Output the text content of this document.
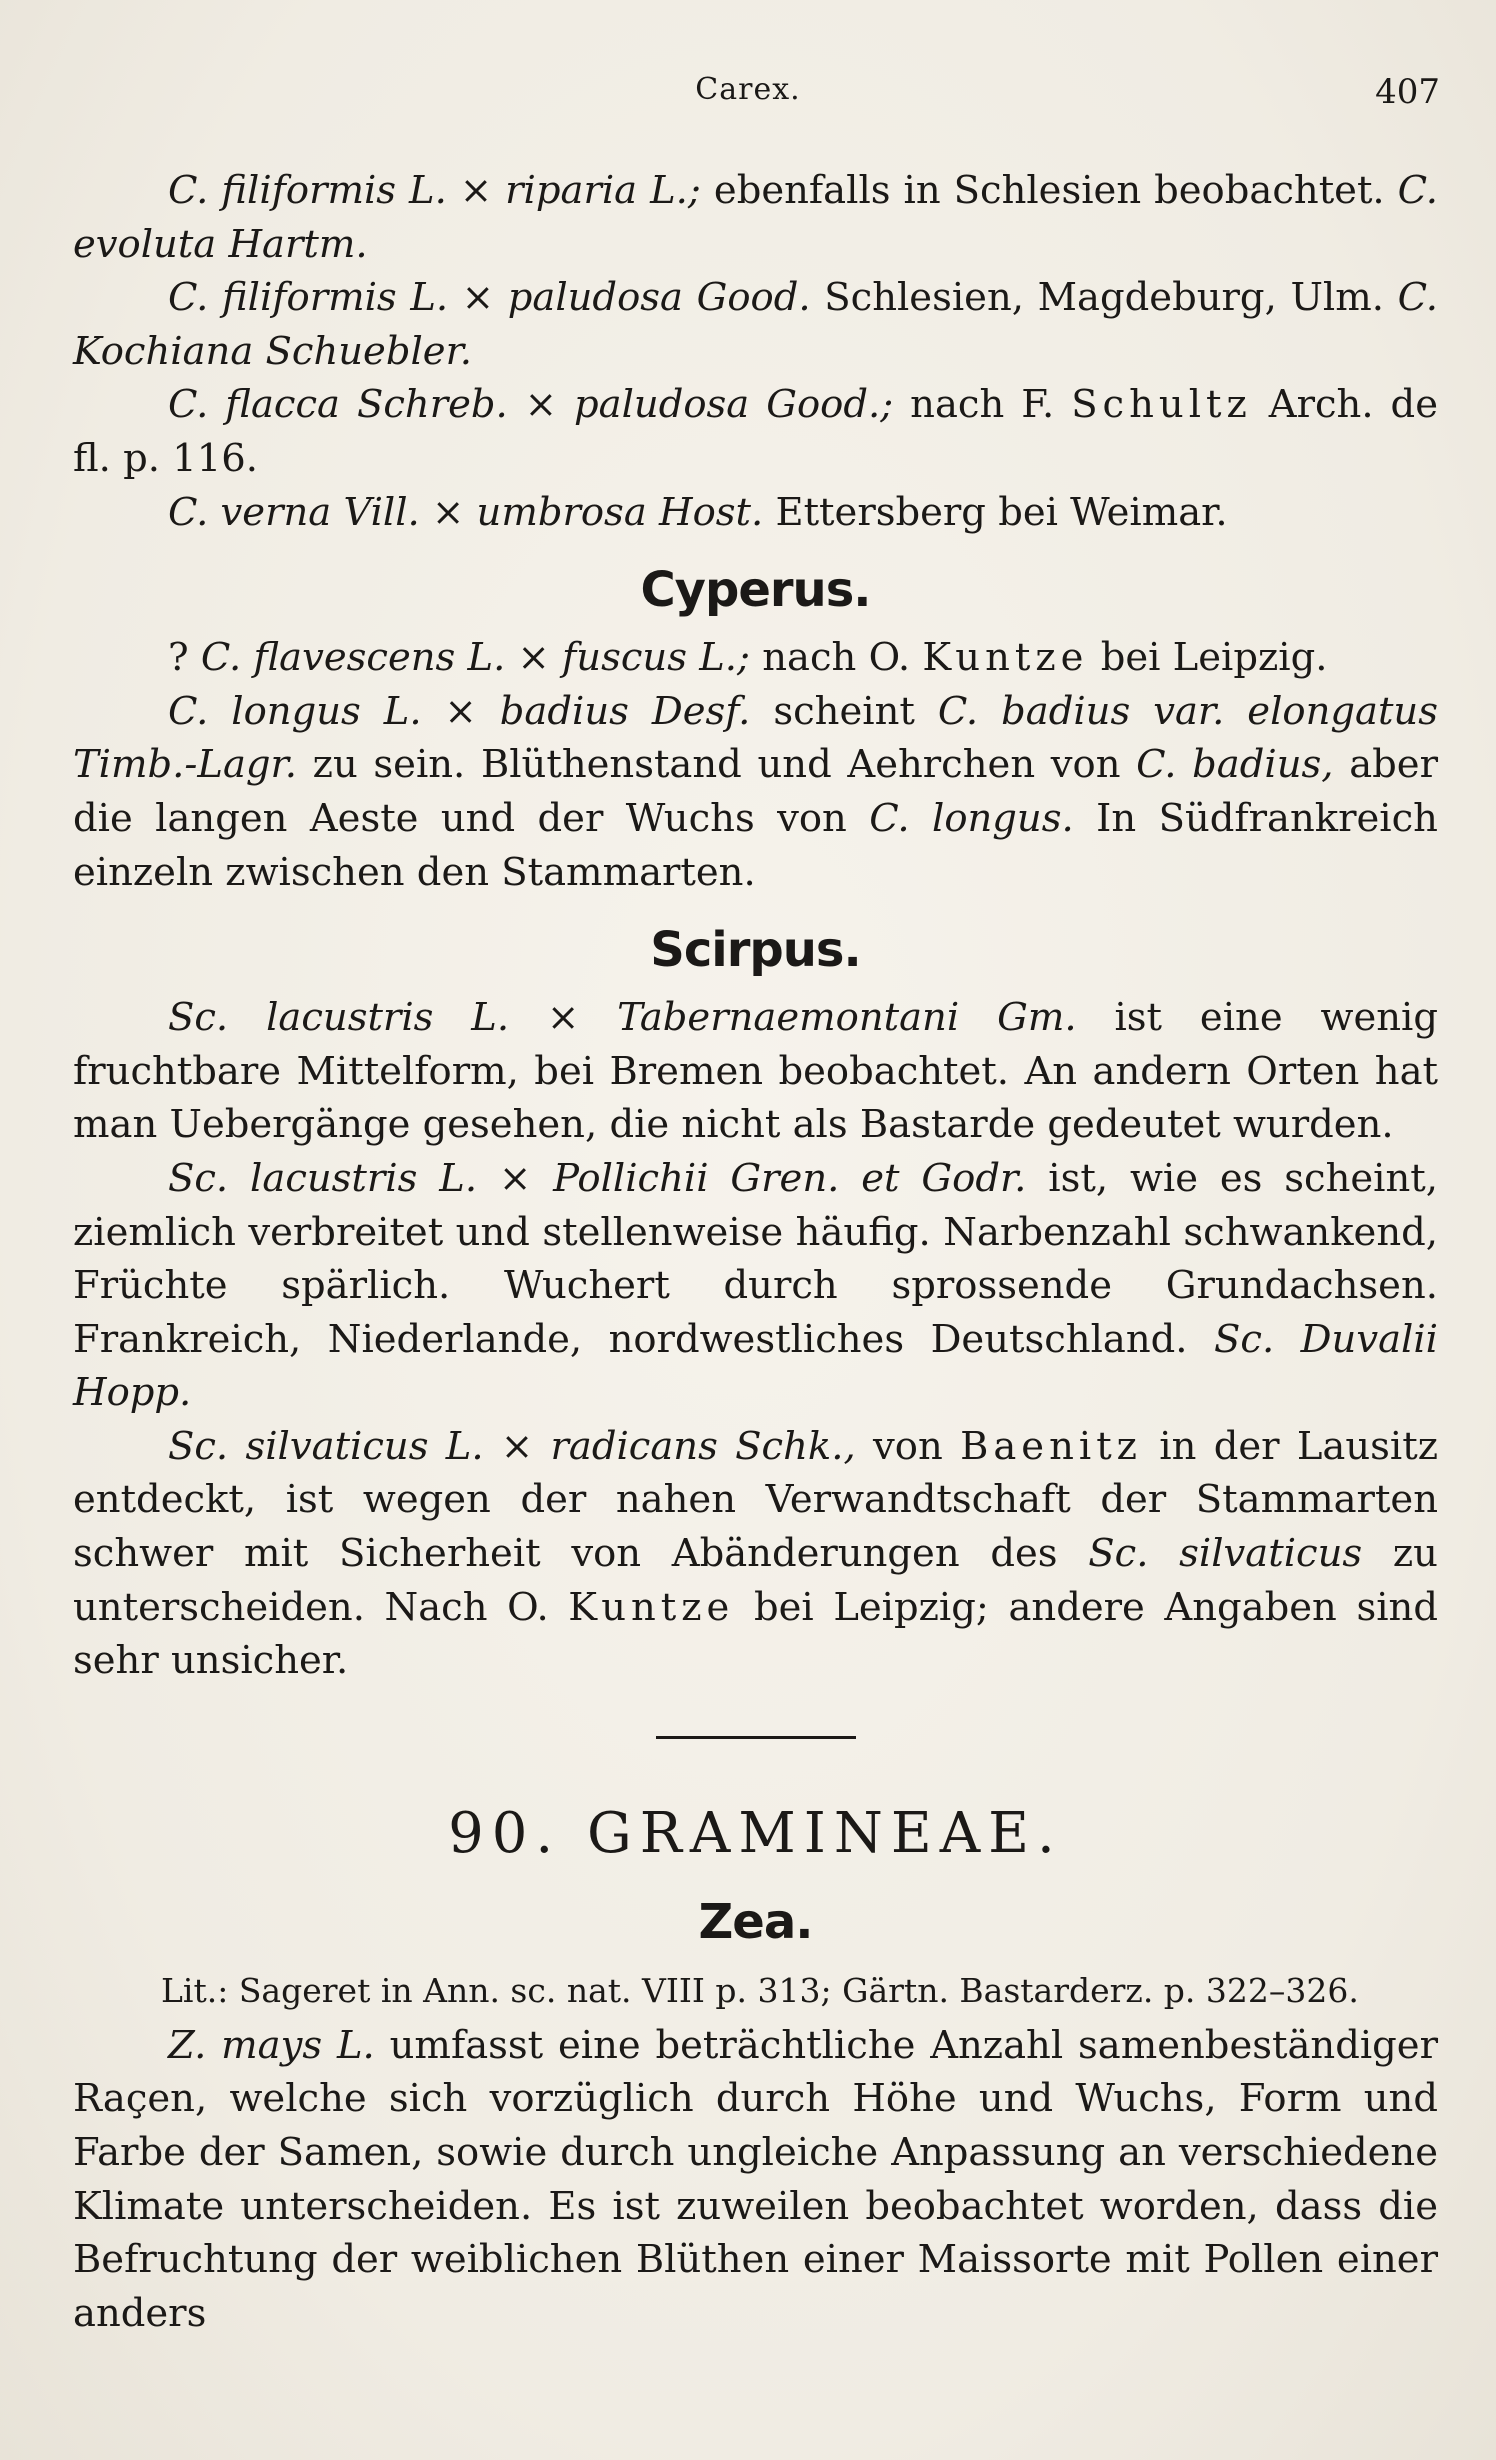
Carex.	407

C. filiformis L. × riparia L.; ebenfalls in Schlesien beobachtet. C. evoluta Hartm.

C. filiformis L. × paludosa Good. Schlesien, Magdeburg, Ulm. C. Kochiana Schuebler.

C. flacca Schreb. × paludosa Good.; nach F. Schultz Arch. de fl. p. 116.

C. verna Vill. × umbrosa Host. Ettersberg bei Weimar.

Cyperus.

? C. flavescens L. × fuscus L.; nach O. Kuntze bei Leipzig.

C. longus L. × badius Desf. scheint C. badius var. elongatus Timb.-Lagr. zu sein. Blüthenstand und Aehrchen von C. badius, aber die langen Aeste und der Wuchs von C. longus. In Südfrankreich einzeln zwischen den Stammarten.

Scirpus.

Sc. lacustris L. × Tabernaemontani Gm. ist eine wenig fruchtbare Mittelform, bei Bremen beobachtet. An andern Orten hat man Uebergänge gesehen, die nicht als Bastarde gedeutet wurden.

Sc. lacustris L. × Pollichii Gren. et Godr. ist, wie es scheint, ziemlich verbreitet und stellenweise häufig. Narbenzahl schwankend, Früchte spärlich. Wuchert durch sprossende Grundachsen. Frankreich, Niederlande, nordwestliches Deutschland. Sc. Duvalii Hopp.

Sc. silvaticus L. × radicans Schk., von Baenitz in der Lausitz entdeckt, ist wegen der nahen Verwandtschaft der Stammarten schwer mit Sicherheit von Abänderungen des Sc. silvaticus zu unterscheiden. Nach O. Kuntze bei Leipzig; andere Angaben sind sehr unsicher.

90. GRAMINEAE.
Zea.

Lit.: Sageret in Ann. sc. nat. VIII p. 313; Gärtn. Bastarderz. p. 322–326.

Z. mays L. umfasst eine beträchtliche Anzahl samenbeständiger Raçen, welche sich vorzüglich durch Höhe und Wuchs, Form und Farbe der Samen, sowie durch ungleiche Anpassung an verschiedene Klimate unterscheiden. Es ist zuweilen beobachtet worden, dass die Befruchtung der weiblichen Blüthen einer Maissorte mit Pollen einer anders
